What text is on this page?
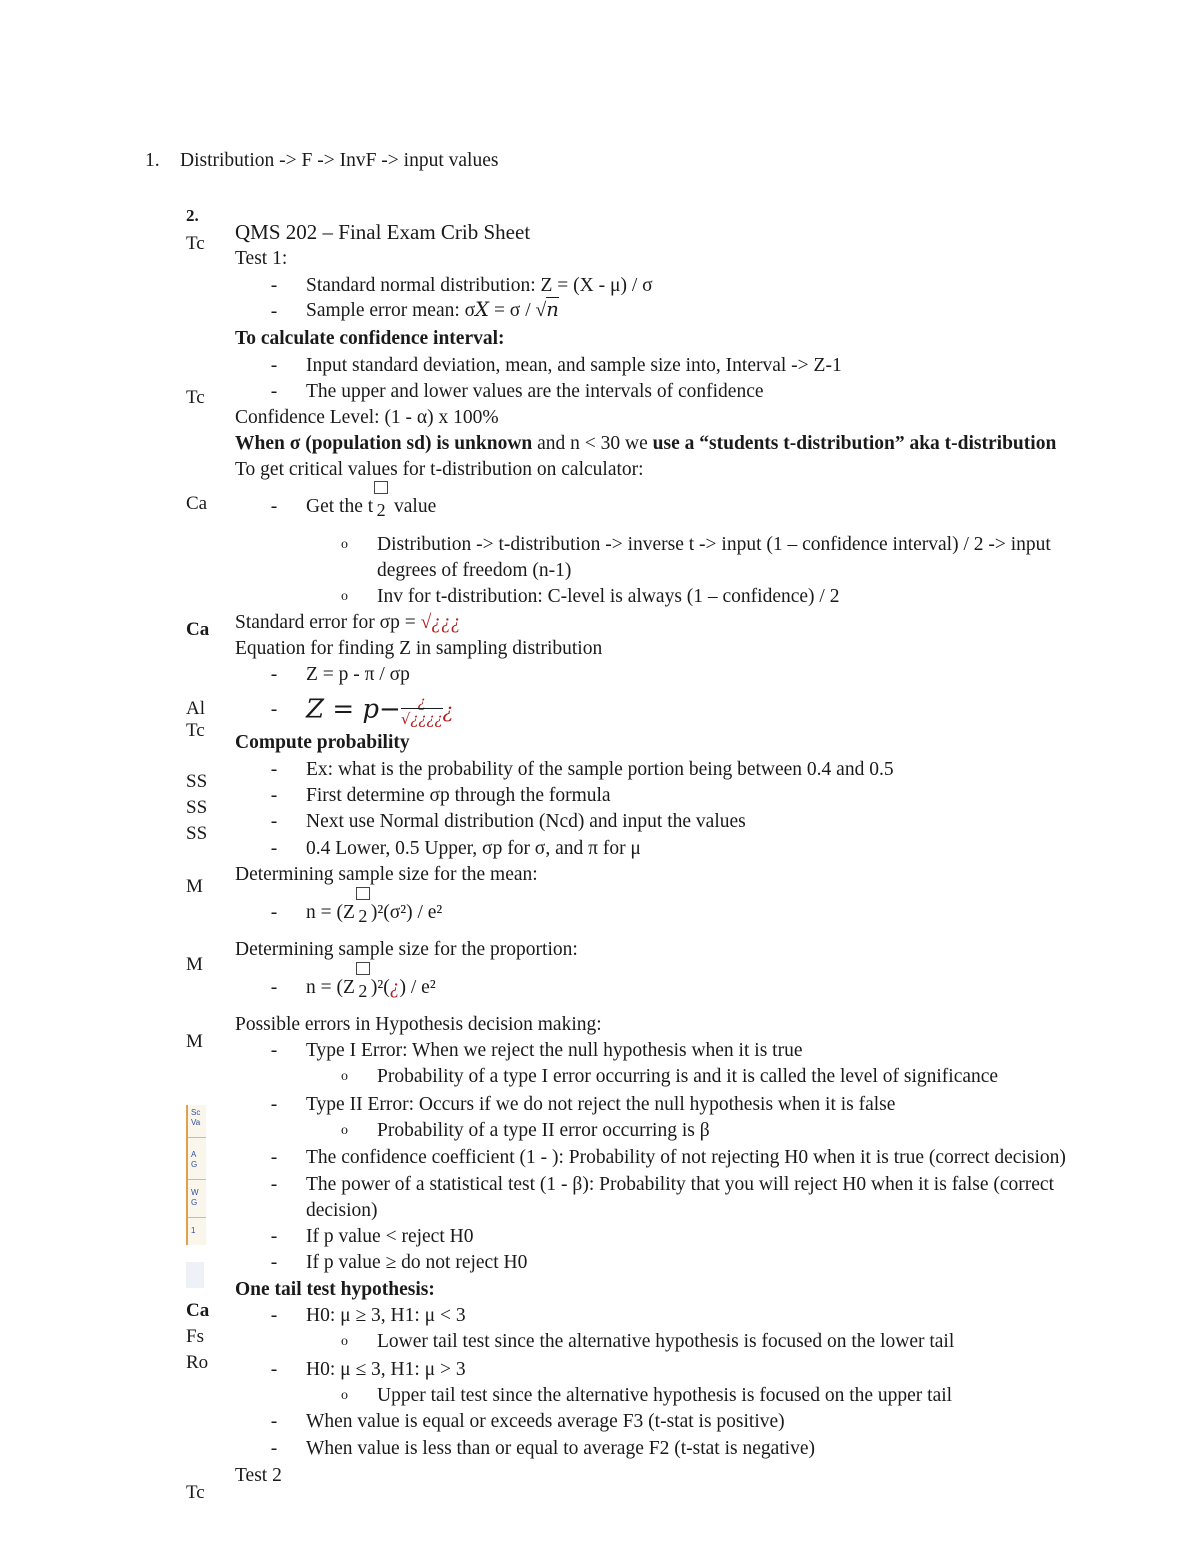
1. Distribution -> F -> InvF -> input values
2.
Tc
Tc
Ca
Ca
Al
Tc
SS
SS
SS
M
M
M
Ca
Fs
Ro
Tc
Sc
Va
A
G
W
G
1
QMS 202 – Final Exam Crib Sheet
Test 1:
- Standard normal distribution: Z = (X - μ) / σ
- Sample error mean: σX = σ / √n
To calculate confidence interval:
- Input standard deviation, mean, and sample size into, Interval -> Z-1
- The upper and lower values are the intervals of confidence
Confidence Level: (1 - α) x 100%
When σ (population sd) is unknown and n < 30 we use a “students t-distribution” aka t-distribution
To get critical values for t-distribution on calculator:
- Get the t 2 value
o Distribution -> t-distribution -> inverse t -> input (1 – confidence interval) / 2 -> input
degrees of freedom (n-1)
o Inv for t-distribution: C-level is always (1 – confidence) / 2
Standard error for σp = √¿¿¿
Equation for finding Z in sampling distribution
- Z = p - π / σp
- Z = p− ¿
√¿¿¿¿¿
Compute probability
- Ex: what is the probability of the sample portion being between 0.4 and 0.5
- First determine σp through the formula
- Next use Normal distribution (Ncd) and input the values
- 0.4 Lower, 0.5 Upper, σp for σ, and π for μ
Determining sample size for the mean:
- n = (Z 2 )²(σ²) / e²
Determining sample size for the proportion:
- n = (Z 2 )²(¿) / e²
Possible errors in Hypothesis decision making:
- Type I Error: When we reject the null hypothesis when it is true
o Probability of a type I error occurring is and it is called the level of significance
- Type II Error: Occurs if we do not reject the null hypothesis when it is false
o Probability of a type II error occurring is β
- The confidence coefficient (1 - ): Probability of not rejecting H0 when it is true (correct decision)
- The power of a statistical test (1 - β): Probability that you will reject H0 when it is false (correct
decision)
- If p value < reject H0
- If p value ≥ do not reject H0
One tail test hypothesis:
- H0: μ ≥ 3, H1: μ < 3
o Lower tail test since the alternative hypothesis is focused on the lower tail
- H0: μ ≤ 3, H1: μ > 3
o Upper tail test since the alternative hypothesis is focused on the upper tail
- When value is equal or exceeds average F3 (t-stat is positive)
- When value is less than or equal to average F2 (t-stat is negative)
Test 2
